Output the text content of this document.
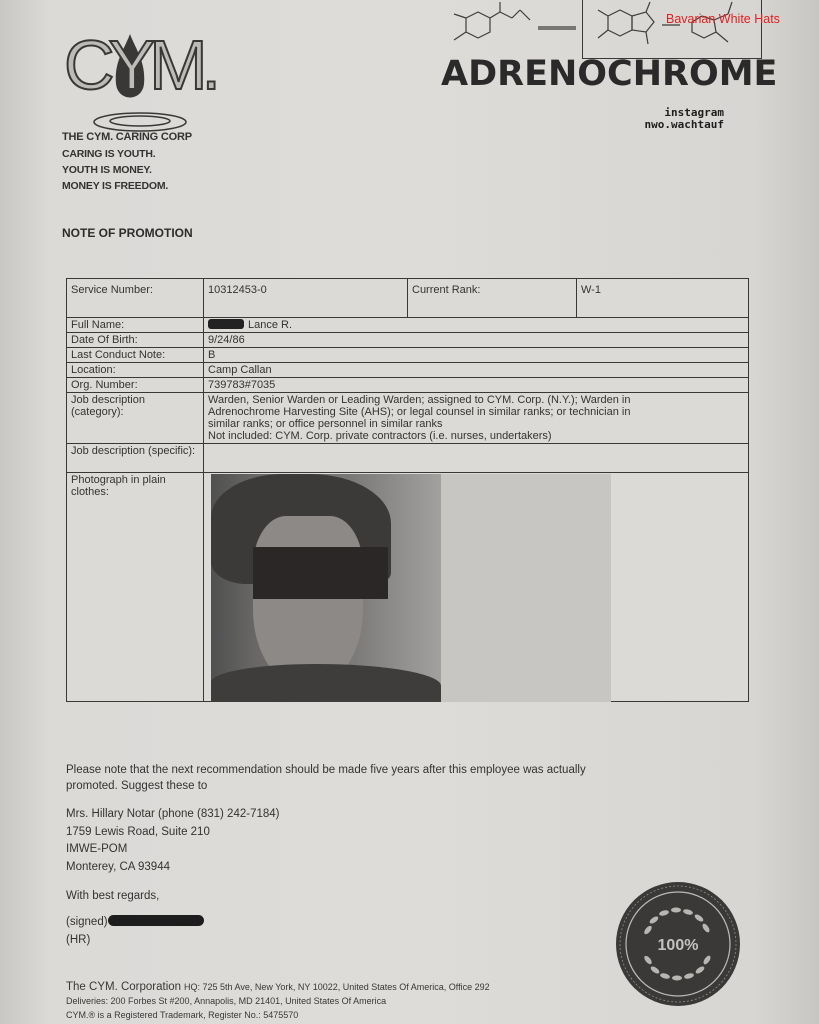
CYM.
THE CYM. CARING CORP
CARING IS YOUTH.
YOUTH IS MONEY.
MONEY IS FREEDOM.
NOTE OF PROMOTION
Bavarian White Hats
ADRENOCHROME
instagram
nwo.wachtauf
Service Number:	10312453-0	Current Rank:	W-1
Full Name:	Lance R.		
Date Of Birth:	9/24/86		
Last Conduct Note:	B		
Location:	Camp Callan		
Org. Number:	739783#7035		
Job description (category):	Warden, Senior Warden or Leading Warden; assigned to CYM. Corp. (N.Y.); Warden in
Adrenochrome Harvesting Site (AHS); or legal counsel in similar ranks; or technician in
similar ranks; or office personnel in similar ranks
Not included: CYM. Corp. private contractors (i.e. nurses, undertakers)		

Job description (specific):			
Photograph in plain clothes:			
Please note that the next recommendation should be made five years after this employee was actually
promoted. Suggest these to
Mrs. Hillary Notar (phone (831) 242-7184)
1759 Lewis Road, Suite 210
IMWE-POM
Monterey, CA 93944
With best regards,
(signed)
(HR)	100%
The CYM. Corporation HQ: 725 5th Ave, New York, NY 10022, United States Of America, Office 292
Deliveries: 200 Forbes St #200, Annapolis, MD 21401, United States Of America
CYM.® is a Registered Trademark, Register No.: 5475570
